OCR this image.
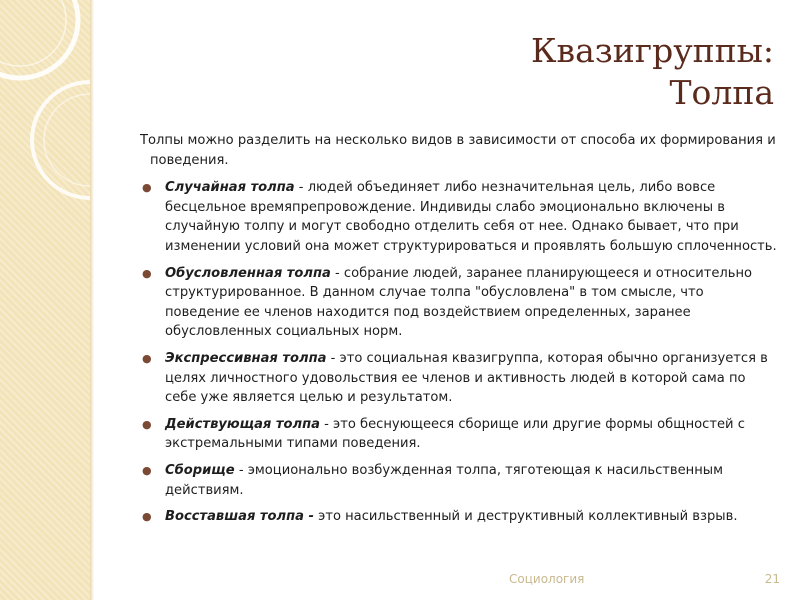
Квазигруппы:
Толпа

Толпы можно разделить на несколько видов в зависимости от способа их формирования и поведения.

● Случайная толпа - людей объединяет либо незначительная цель, либо вовсе бесцельное времяпрепровождение. Индивиды слабо эмоционально включены в случайную толпу и могут свободно отделить себя от нее. Однако бывает, что при изменении условий она может структурироваться и проявлять большую сплоченность.
● Обусловленная толпа - собрание людей, заранее планирующееся и относительно структурированное. В данном случае толпа "обусловлена" в том смысле, что поведение ее членов находится под воздействием определенных, заранее обусловленных социальных норм.
● Экспрессивная толпа - это социальная квазигруппа, которая обычно организуется в целях личностного удовольствия ее членов и активность людей в которой сама по себе уже является целью и результатом.
● Действующая толпа - это беснующееся сборище или другие формы общностей с экстремальными типами поведения.
● Сборище - эмоционально возбужденная толпа, тяготеющая к насильственным действиям.
● Восставшая толпа - это насильственный и деструктивный коллективный взрыв.
Социология	21
